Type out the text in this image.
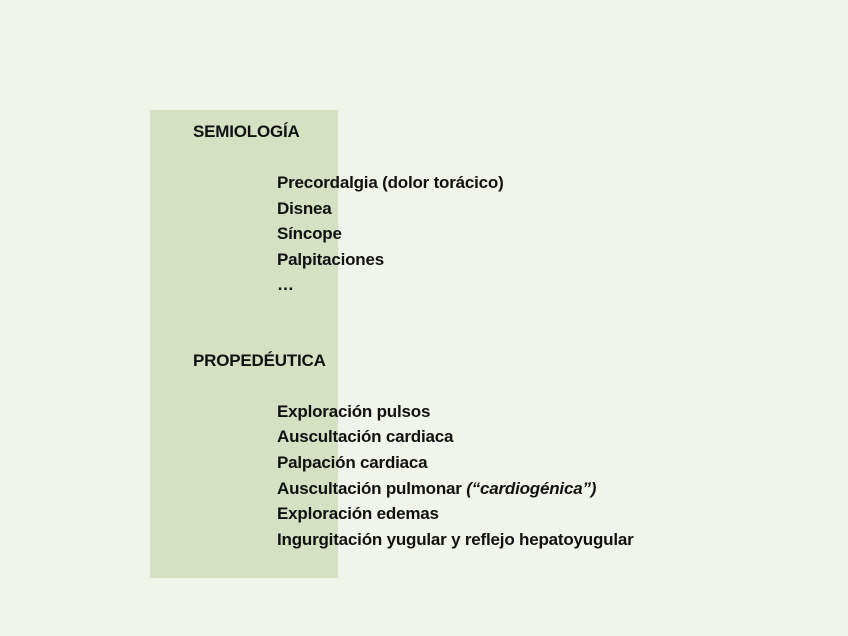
SEMIOLOGÍA
Precordalgia (dolor torácico)
Disnea
Síncope
Palpitaciones
…
PROPEDÉUTICA
Exploración pulsos
Auscultación cardiaca
Palpación cardiaca
Auscultación pulmonar (“cardiogénica”)
Exploración edemas
Ingurgitación yugular y reflejo hepatoyugular
